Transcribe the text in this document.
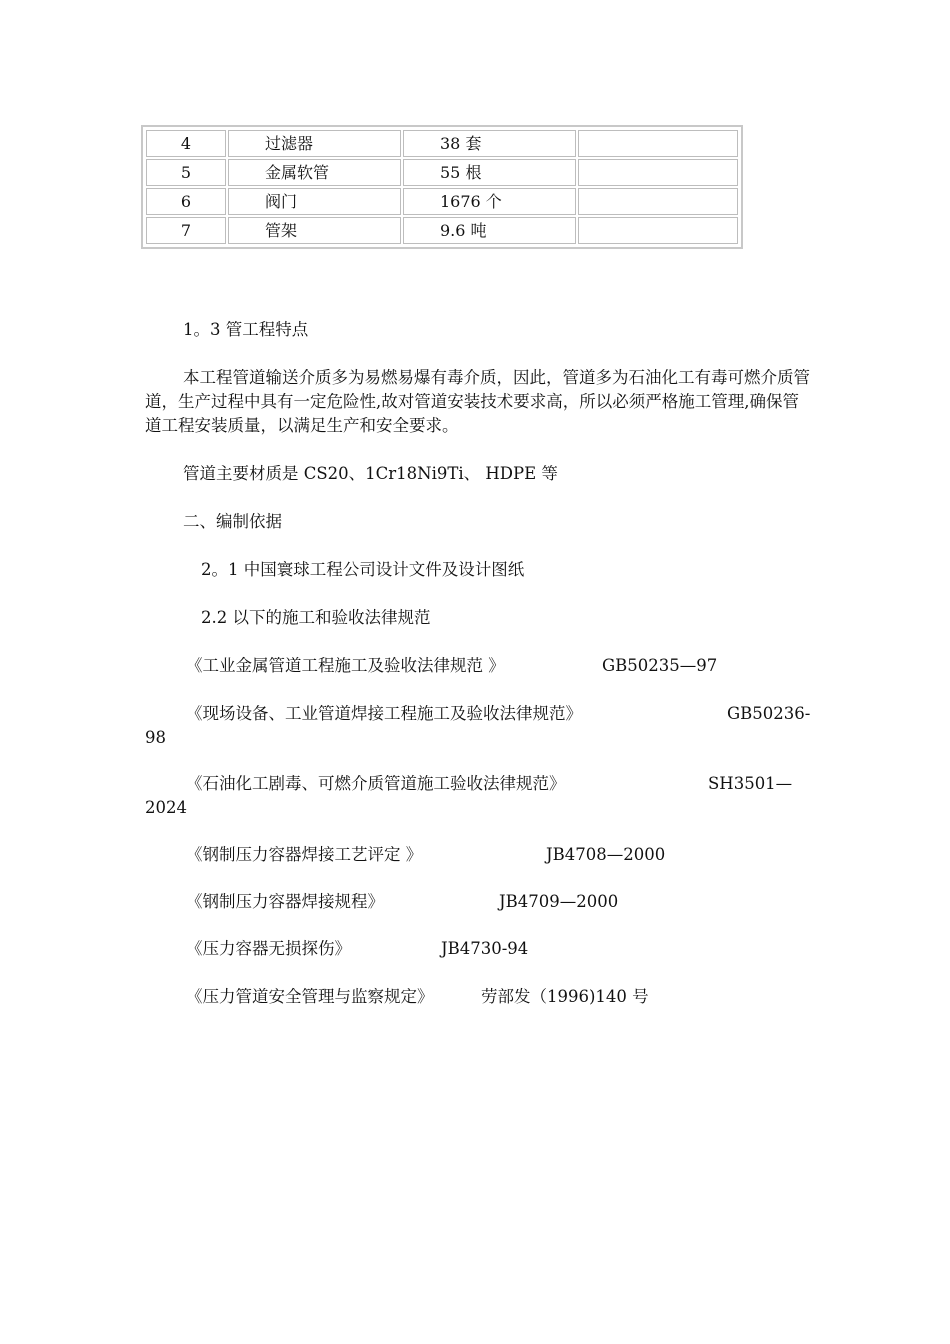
4	过滤器	38 套	
5	金属软管	55 根	
6	阀门	1676 个	
7	管架	9.6 吨	
1。3 管工程特点
本工程管道输送介质多为易燃易爆有毒介质，因此，管道多为石油化工有毒可燃介质管道，生产过程中具有一定危险性,故对管道安装技术要求高，所以必须严格施工管理,确保管道工程安装质量，以满足生产和安全要求。
管道主要材质是 CS20、1Cr18Ni9Ti、 HDPE 等
二、编制依据
2。1 中国寰球工程公司设计文件及设计图纸
2.2 以下的施工和验收法律规范
《工业金属管道工程施工及验收法律规范 》	GB50235—97
《现场设备、工业管道焊接工程施工及验收法律规范》	GB50236-
98
《石油化工剧毒、可燃介质管道施工验收法律规范》	SH3501—
2024
《钢制压力容器焊接工艺评定 》	JB4708—2000
《钢制压力容器焊接规程》	JB4709—2000
《压力容器无损探伤》	JB4730-94
《压力管道安全管理与监察规定》	劳部发（1996)140 号
